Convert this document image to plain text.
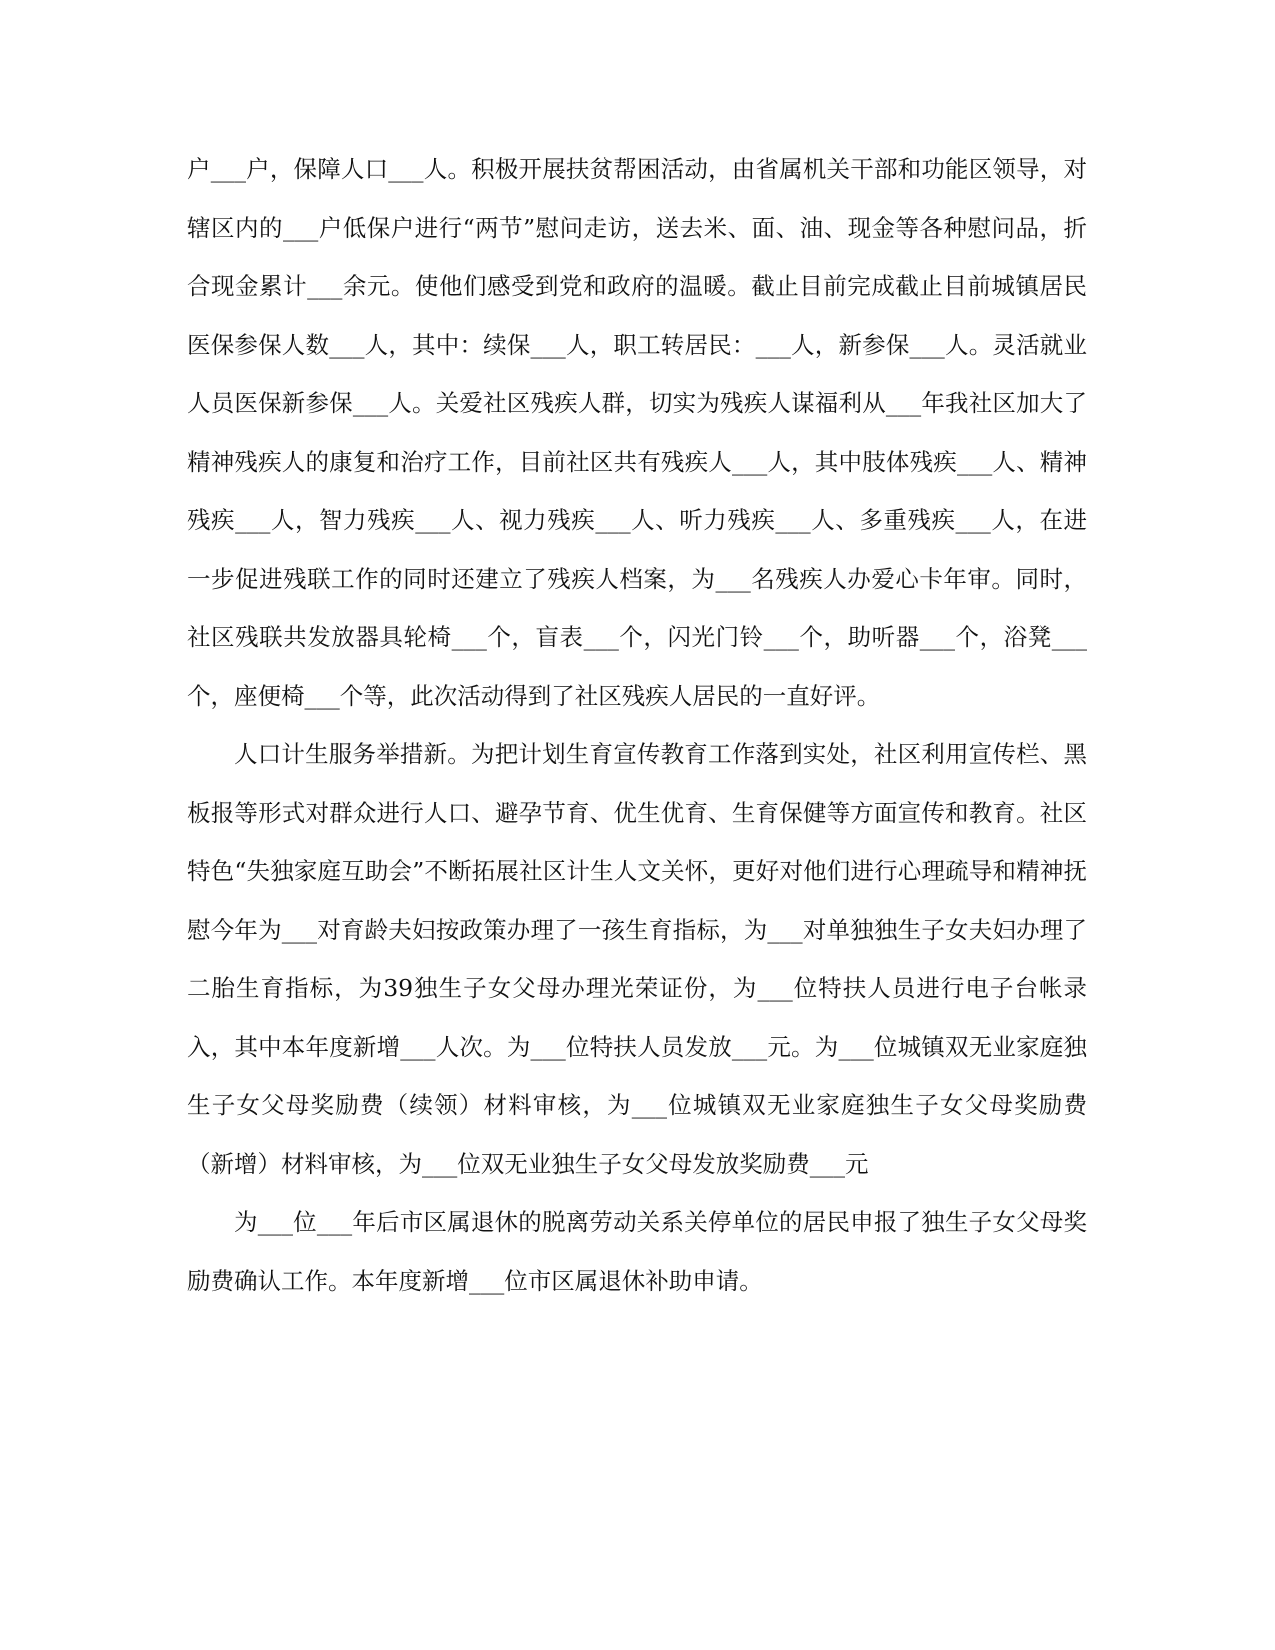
户___户，保障人口___人。积极开展扶贫帮困活动，由省属机关干部和功能区领导，对辖区内的___户低保户进行“两节”慰问走访，送去米、面、油、现金等各种慰问品，折合现金累计___余元。使他们感受到党和政府的温暖。截止目前完成截止目前城镇居民医保参保人数___人，其中：续保___人，职工转居民：___人，新参保___人。灵活就业人员医保新参保___人。关爱社区残疾人群，切实为残疾人谋福利从___年我社区加大了精神残疾人的康复和治疗工作，目前社区共有残疾人___人，其中肢体残疾___人、精神残疾___人，智力残疾___人、视力残疾___人、听力残疾___人、多重残疾___人，在进一步促进残联工作的同时还建立了残疾人档案，为___名残疾人办爱心卡年审。同时，社区残联共发放器具轮椅___个，盲表___个，闪光门铃___个，助听器___个，浴凳___个，座便椅___个等，此次活动得到了社区残疾人居民的一直好评。

人口计生服务举措新。为把计划生育宣传教育工作落到实处，社区利用宣传栏、黑板报等形式对群众进行人口、避孕节育、优生优育、生育保健等方面宣传和教育。社区特色“失独家庭互助会”不断拓展社区计生人文关怀，更好对他们进行心理疏导和精神抚慰今年为___对育龄夫妇按政策办理了一孩生育指标，为___对单独独生子女夫妇办理了二胎生育指标，为39独生子女父母办理光荣证份，为___位特扶人员进行电子台帐录入，其中本年度新增___人次。为___位特扶人员发放___元。为___位城镇双无业家庭独生子女父母奖励费（续领）材料审核，为___位城镇双无业家庭独生子女父母奖励费（新增）材料审核，为___位双无业独生子女父母发放奖励费___元

为___位___年后市区属退休的脱离劳动关系关停单位的居民申报了独生子女父母奖励费确认工作。本年度新增___位市区属退休补助申请。
